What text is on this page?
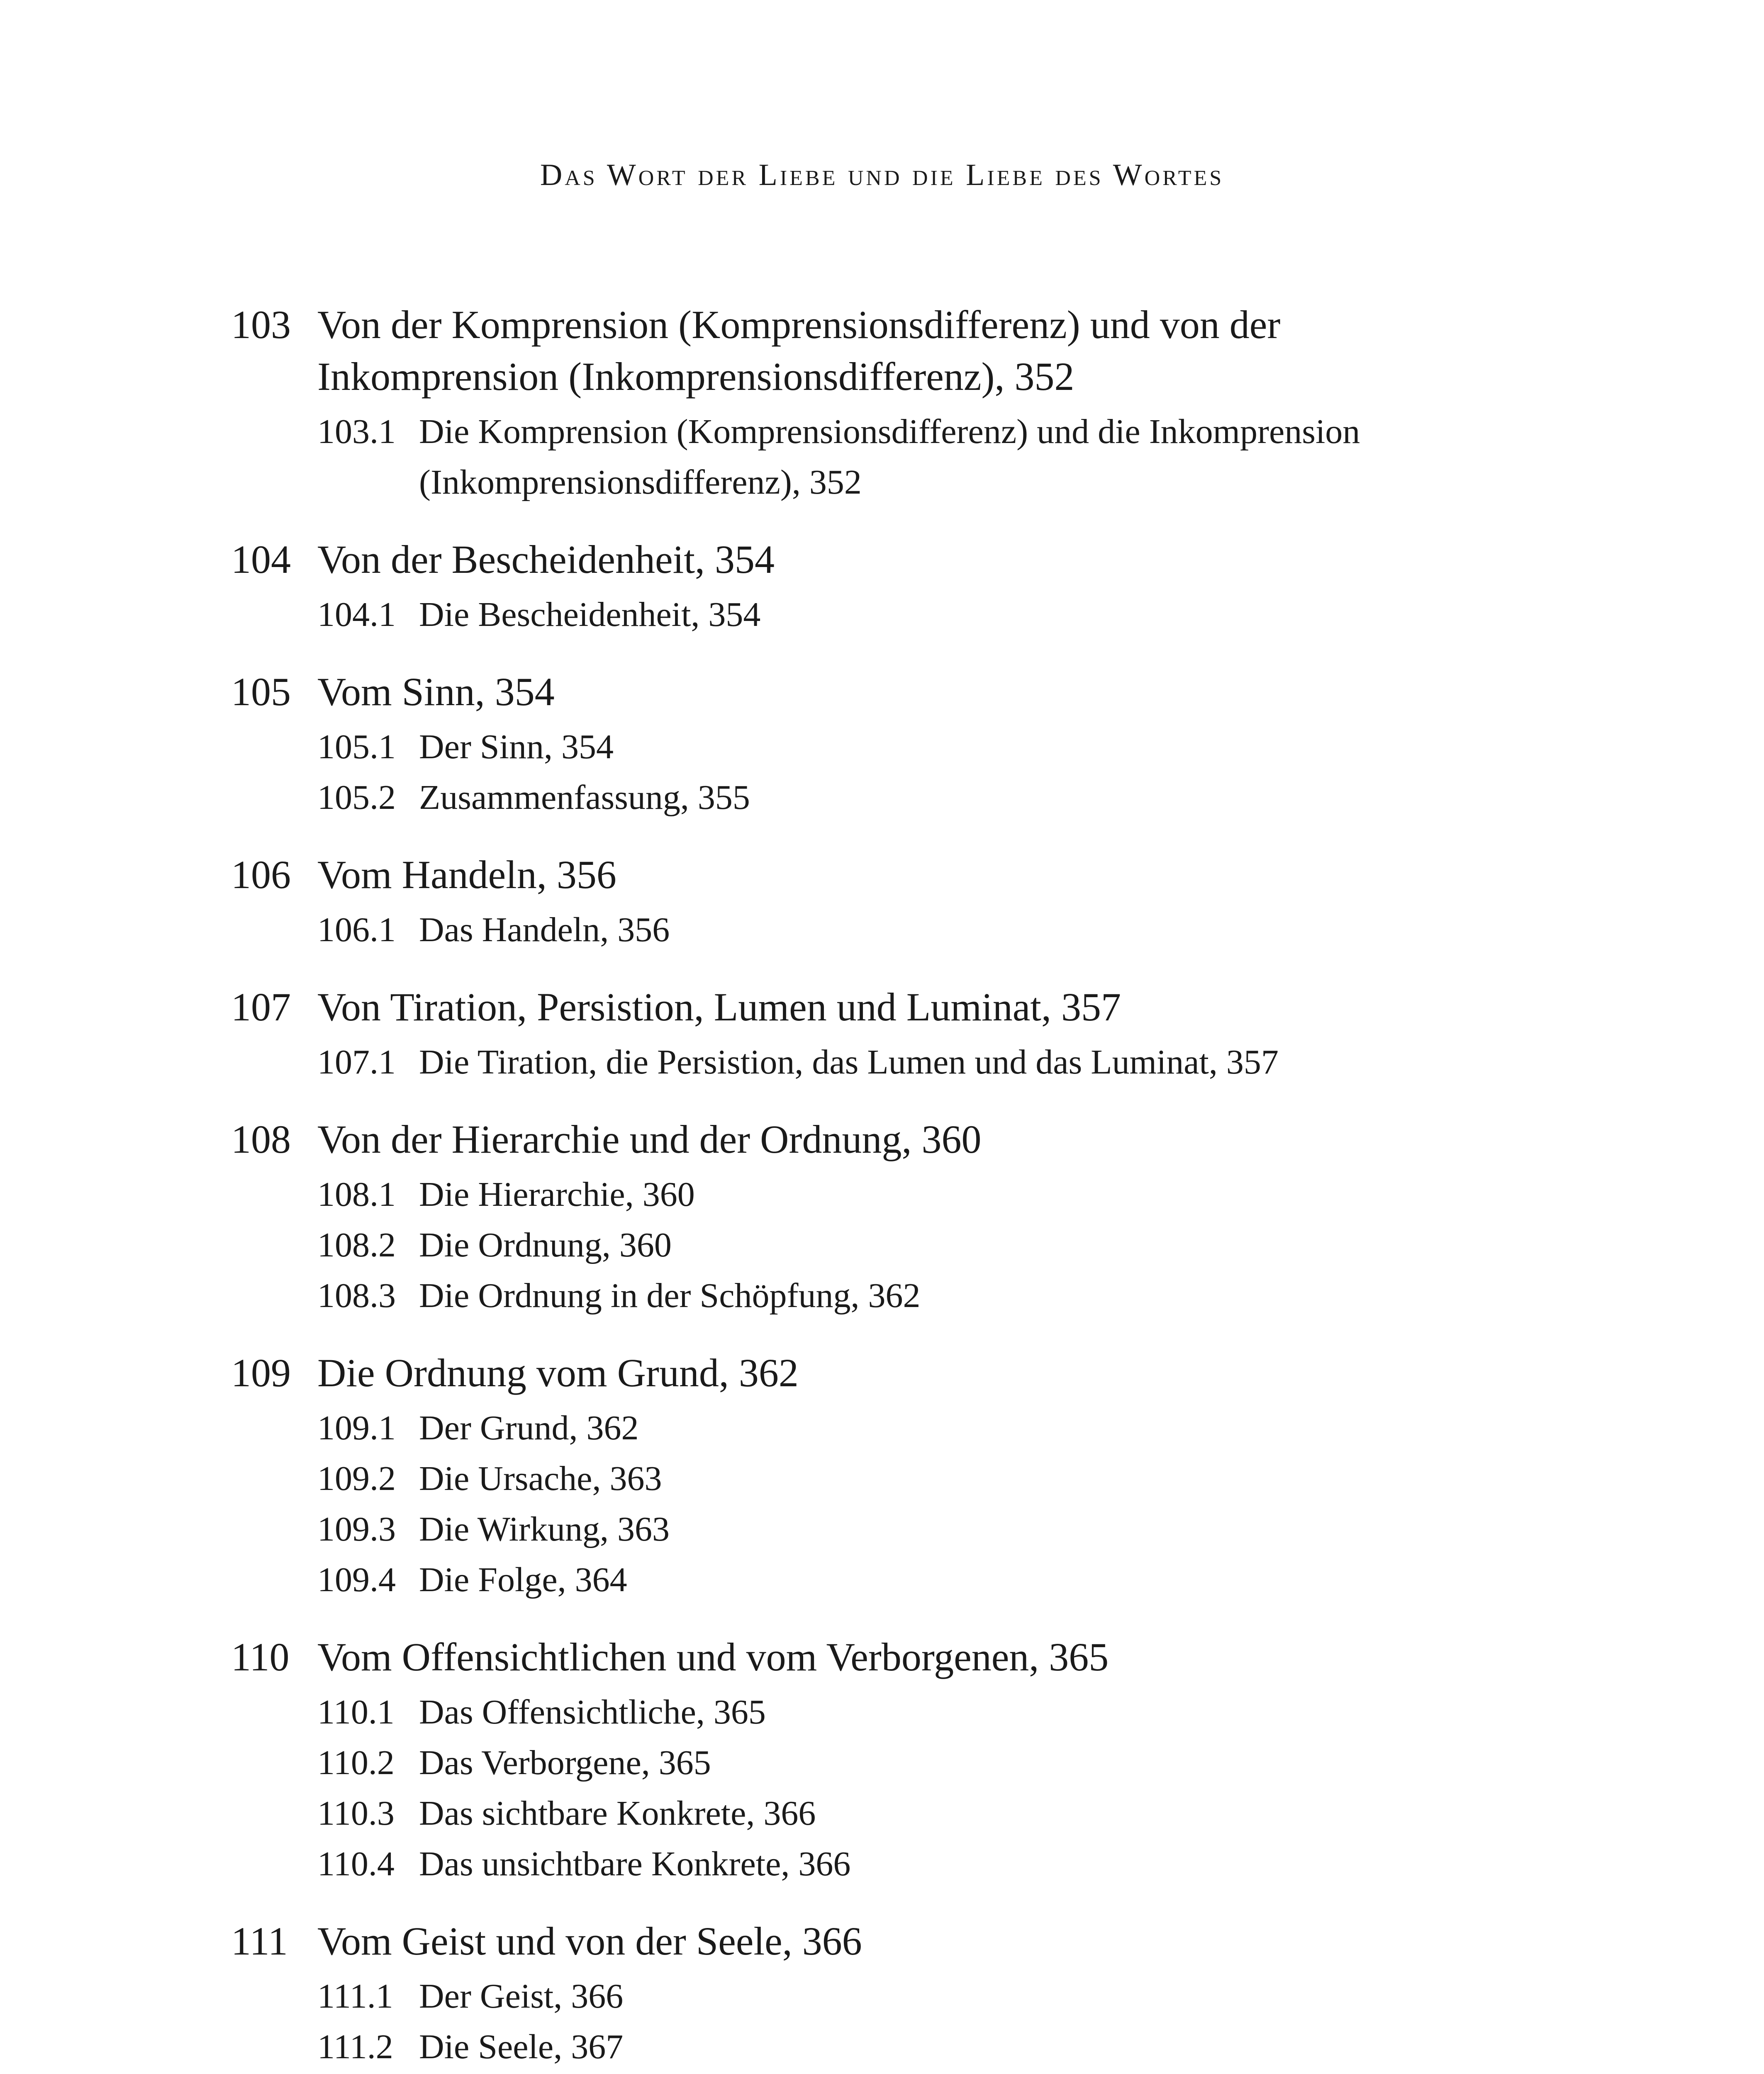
Das Wort der Liebe und die Liebe des Wortes
103 Von der Komprension (Komprensionsdifferenz) und von der Inkomprension (Inkomprensionsdifferenz), 352
103.1 Die Komprension (Komprensionsdifferenz) und die Inkomprension (Inkomprensionsdifferenz), 352
104 Von der Bescheidenheit, 354
104.1 Die Bescheidenheit, 354
105 Vom Sinn, 354
105.1 Der Sinn, 354
105.2 Zusammenfassung, 355
106 Vom Handeln, 356
106.1 Das Handeln, 356
107 Von Tiration, Persistion, Lumen und Luminat, 357
107.1 Die Tiration, die Persistion, das Lumen und das Luminat, 357
108 Von der Hierarchie und der Ordnung, 360
108.1 Die Hierarchie, 360
108.2 Die Ordnung, 360
108.3 Die Ordnung in der Schöpfung, 362
109 Die Ordnung vom Grund, 362
109.1 Der Grund, 362
109.2 Die Ursache, 363
109.3 Die Wirkung, 363
109.4 Die Folge, 364
110 Vom Offensichtlichen und vom Verborgenen, 365
110.1 Das Offensichtliche, 365
110.2 Das Verborgene, 365
110.3 Das sichtbare Konkrete, 366
110.4 Das unsichtbare Konkrete, 366
111 Vom Geist und von der Seele, 366
111.1 Der Geist, 366
111.2 Die Seele, 367
